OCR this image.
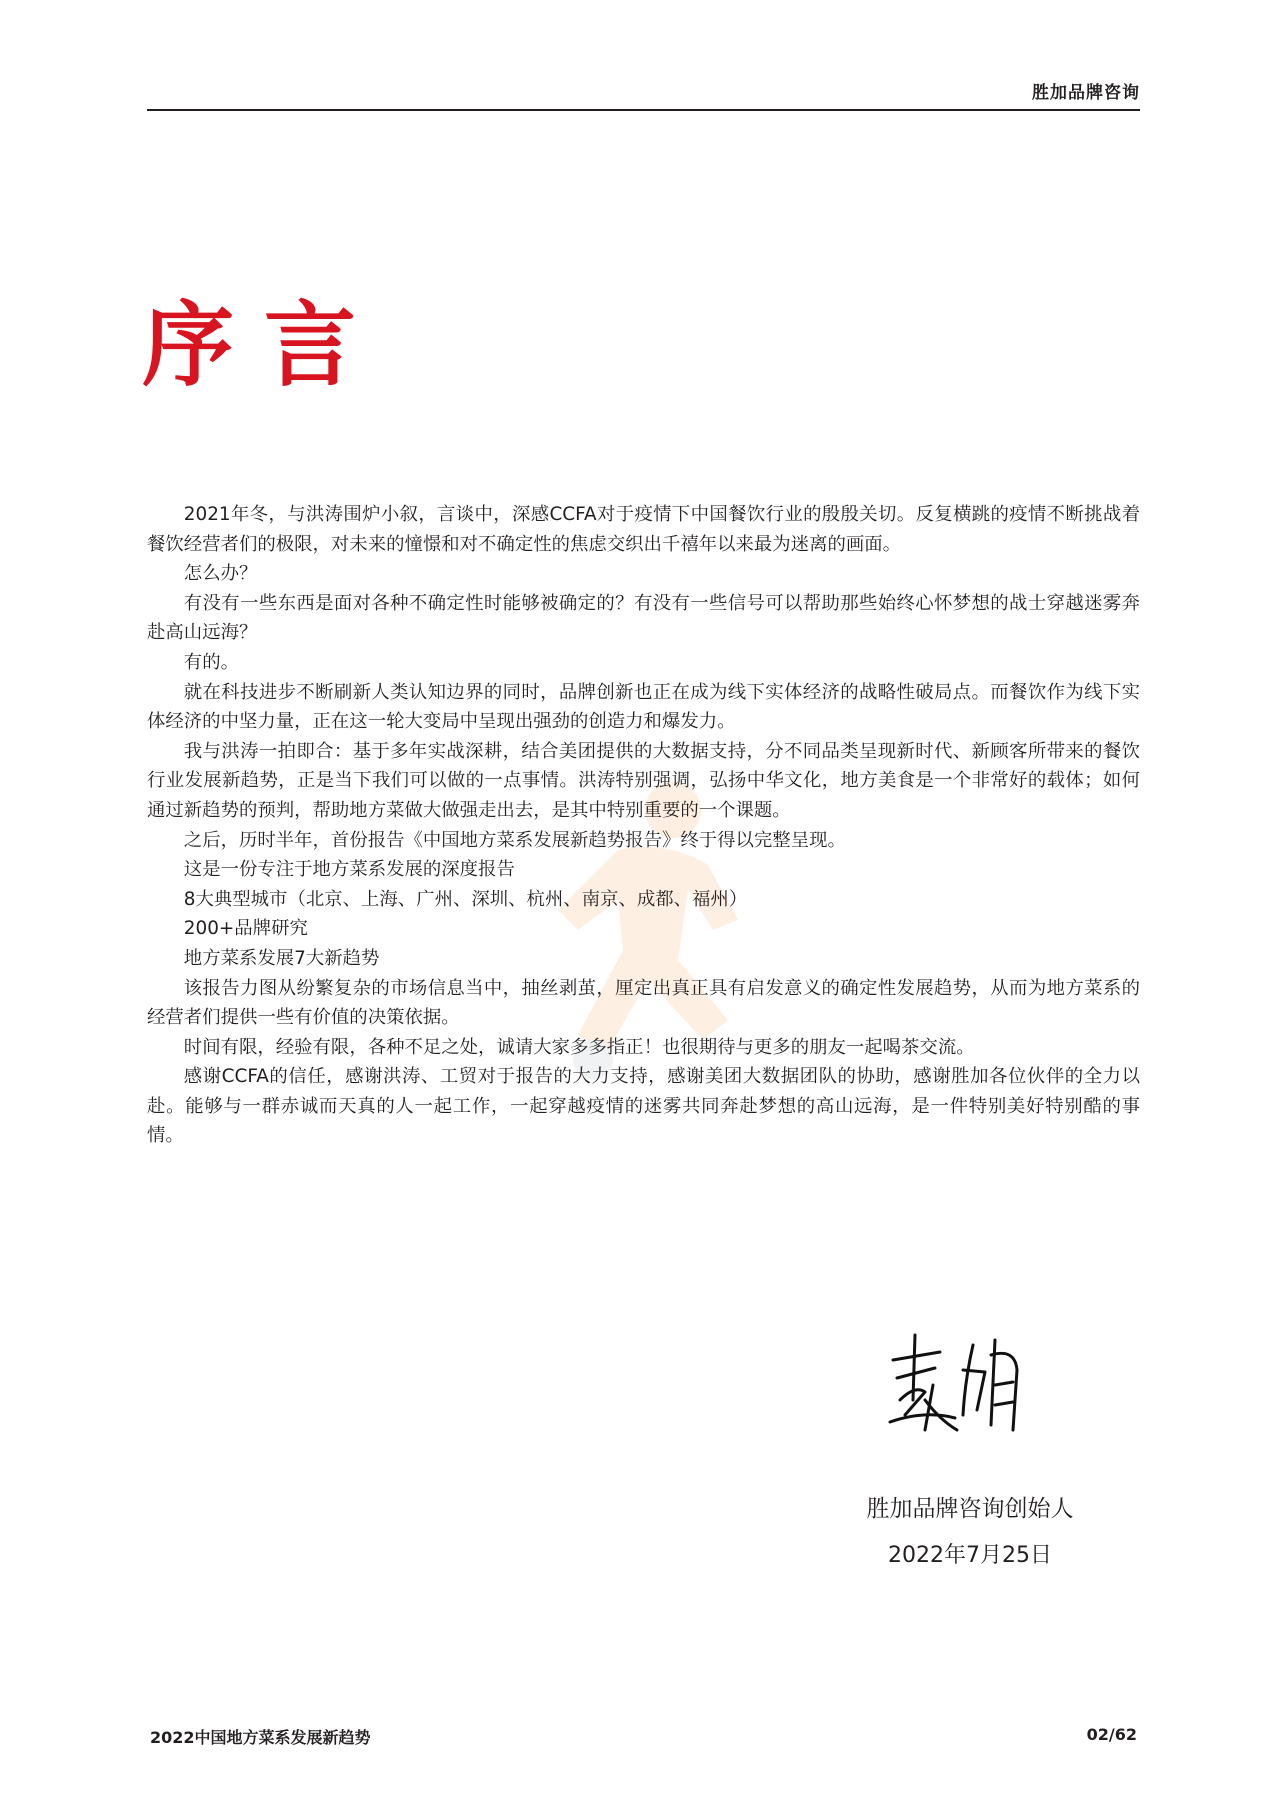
胜加品牌咨询
序言

2021年冬，与洪涛围炉小叙，言谈中，深感CCFA对于疫情下中国餐饮行业的殷殷关切。反复横跳的疫情不断挑战着餐饮经营者们的极限，对未来的憧憬和对不确定性的焦虑交织出千禧年以来最为迷离的画面。

怎么办？

有没有一些东西是面对各种不确定性时能够被确定的？有没有一些信号可以帮助那些始终心怀梦想的战士穿越迷雾奔赴高山远海？

有的。

就在科技进步不断刷新人类认知边界的同时，品牌创新也正在成为线下实体经济的战略性破局点。而餐饮作为线下实体经济的中坚力量，正在这一轮大变局中呈现出强劲的创造力和爆发力。

我与洪涛一拍即合：基于多年实战深耕，结合美团提供的大数据支持，分不同品类呈现新时代、新顾客所带来的餐饮行业发展新趋势，正是当下我们可以做的一点事情。洪涛特别强调，弘扬中华文化，地方美食是一个非常好的载体；如何通过新趋势的预判，帮助地方菜做大做强走出去，是其中特别重要的一个课题。

之后，历时半年，首份报告《中国地方菜系发展新趋势报告》终于得以完整呈现。

这是一份专注于地方菜系发展的深度报告

8大典型城市（北京、上海、广州、深圳、杭州、南京、成都、福州）

200+品牌研究

地方菜系发展7大新趋势

该报告力图从纷繁复杂的市场信息当中，抽丝剥茧，厘定出真正具有启发意义的确定性发展趋势，从而为地方菜系的经营者们提供一些有价值的决策依据。

时间有限，经验有限，各种不足之处，诚请大家多多指正！也很期待与更多的朋友一起喝茶交流。

感谢CCFA的信任，感谢洪涛、工贸对于报告的大力支持，感谢美团大数据团队的协助，感谢胜加各位伙伴的全力以赴。能够与一群赤诚而天真的人一起工作，一起穿越疫情的迷雾共同奔赴梦想的高山远海，是一件特别美好特别酷的事情。

胜加品牌咨询创始人
2022年7月25日
2022中国地方菜系发展新趋势	02/62
